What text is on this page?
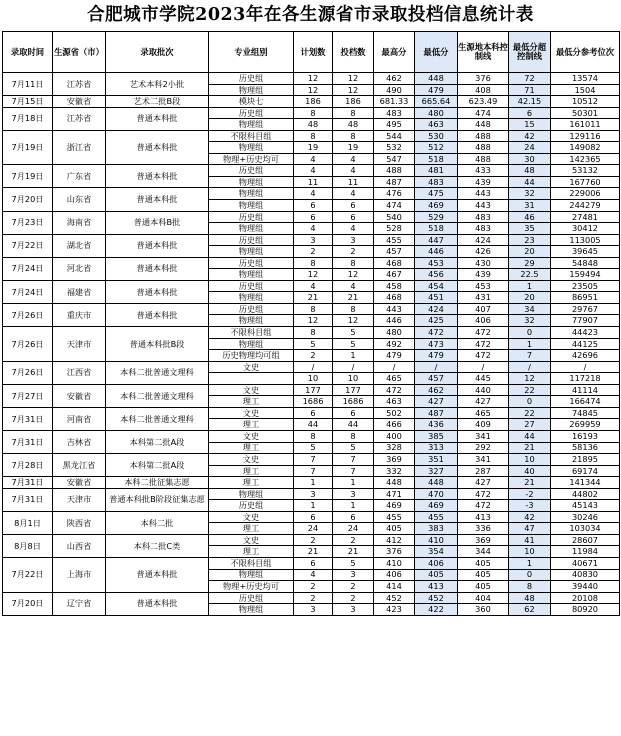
合肥城市学院2023年在各生源省市录取投档信息统计表
录取时间	生源省（市）	录取批次	专业组别	计划数	投档数	最高分	最低分	生源地本科控制线	最低分超控制线	最低分参考位次
7月11日	江苏省	艺术本科2小批	历史组	12	12	462	448	376	72	13574
			物理组	12	12	490	479	408	71	1504
7月15日	安徽省	艺术二批B段	模块七	186	186	681.33	665.64	623.49	42.15	10512
7月18日	江苏省	普通本科批	历史组	8	8	483	480	474	6	50301
			物理组	48	48	495	463	448	15	161011
7月19日	浙江省	普通本科批	不限科目组	8	8	544	530	488	42	129116
			物理组	19	19	532	512	488	24	149082
			物理+历史均可	4	4	547	518	488	30	142365
7月19日	广东省	普通本科批	历史组	4	4	488	481	433	48	53132
			物理组	11	11	487	483	439	44	167760
7月20日	山东省	普通本科批	物理组	4	4	476	475	443	32	229006
			物理组	6	6	474	469	443	31	244279
7月23日	海南省	普通本科B批	历史组	6	6	540	529	483	46	27481
			物理组	4	4	528	518	483	35	30412
7月22日	湖北省	普通本科批	历史组	3	3	455	447	424	23	113005
			物理组	2	2	457	446	426	20	39645
7月24日	河北省	普通本科批	历史组	8	8	468	453	430	29	54848
			物理组	12	12	467	456	439	22.5	159494
7月24日	福建省	普通本科批	历史组	4	4	458	454	453	1	23505
			物理组	21	21	468	451	431	20	86951
7月26日	重庆市	普通本科批	历史组	8	8	443	424	407	34	29767
			物理组	12	12	446	425	406	32	77907
7月26日	天津市	普通本科批B段	不限科目组	8	5	480	472	472	0	44423
			物理组	5	5	492	473	472	1	44125
			历史物理均可组	2	1	479	479	472	7	42696
7月26日	江西省	本科二批普通文理科	文史	/	/	/	/	/	/	/
				10	10	465	457	445	12	117218
7月27日	安徽省	本科二批普通文理科	文史	177	177	472	462	440	22	41114
			理工	1686	1686	463	427	427	0	166474
7月31日	河南省	本科二批普通文理科	文史	6	6	502	487	465	22	74845
			理工	44	44	466	436	409	27	269959
7月31日	吉林省	本科第二批A段	文史	8	8	400	385	341	44	16193
			理工	5	5	328	313	292	21	58136
7月28日	黑龙江省	本科第二批A段	文史	7	7	369	351	341	10	21895
			理工	7	7	332	327	287	40	69174
7月31日	安徽省	本科二批征集志愿	理工	1	1	448	448	427	21	141344
7月31日	天津市	普通本科批B阶段征集志愿	物理组	3	3	471	470	472	-2	44802
			历史组	1	1	469	469	472	-3	45143
8月1日	陕西省	本科二批	文史	6	6	455	455	413	42	30246
			理工	24	24	405	383	336	47	103034
8月8日	山西省	本科二批C类	文史	2	2	412	410	369	41	28607
			理工	21	21	376	354	344	10	11984
7月22日	上海市	普通本科批	不限科目组	6	5	410	406	405	1	40671
			物理组	4	3	406	405	405	0	40830
			物理+历史均可	2	2	414	413	405	8	39440
7月20日	辽宁省	普通本科批	历史组	2	2	452	452	404	48	20108
			物理组	3	3	423	422	360	62	80920
